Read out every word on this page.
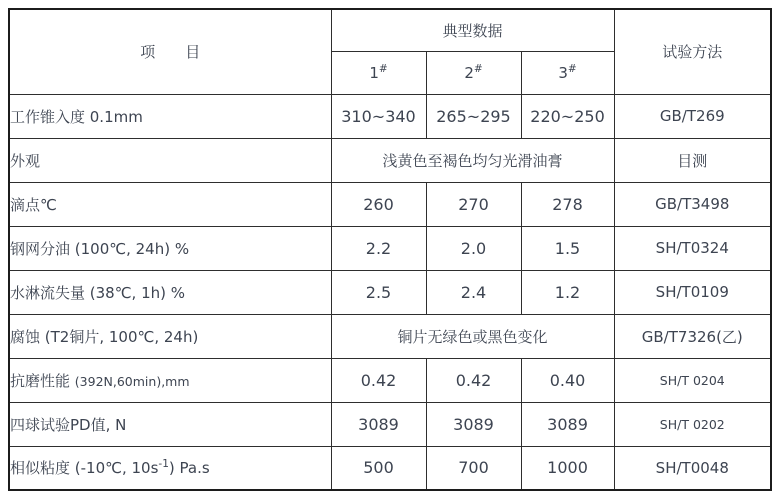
项　　目	典型数据			试验方法
	1#	2#	3#
工作锥入度 0.1mm	310~340	265~295	220~250	GB/T269
外观	浅黄色至褐色均匀光滑油膏			目测
滴点℃	260	270	278	GB/T3498
钢网分油 (100℃, 24h) %	2.2	2.0	1.5	SH/T0324
水淋流失量 (38℃, 1h) %	2.5	2.4	1.2	SH/T0109
腐蚀 (T2铜片, 100℃, 24h)	铜片无绿色或黑色变化			GB/T7326(乙)
抗磨性能 (392N,60min),mm	0.42	0.42	0.40	SH/T 0204
四球试验PD值, N	3089	3089	3089	SH/T 0202
相似粘度 (-10℃, $10s^{-1}$) Pa.s	500	700	1000	SH/T0048
